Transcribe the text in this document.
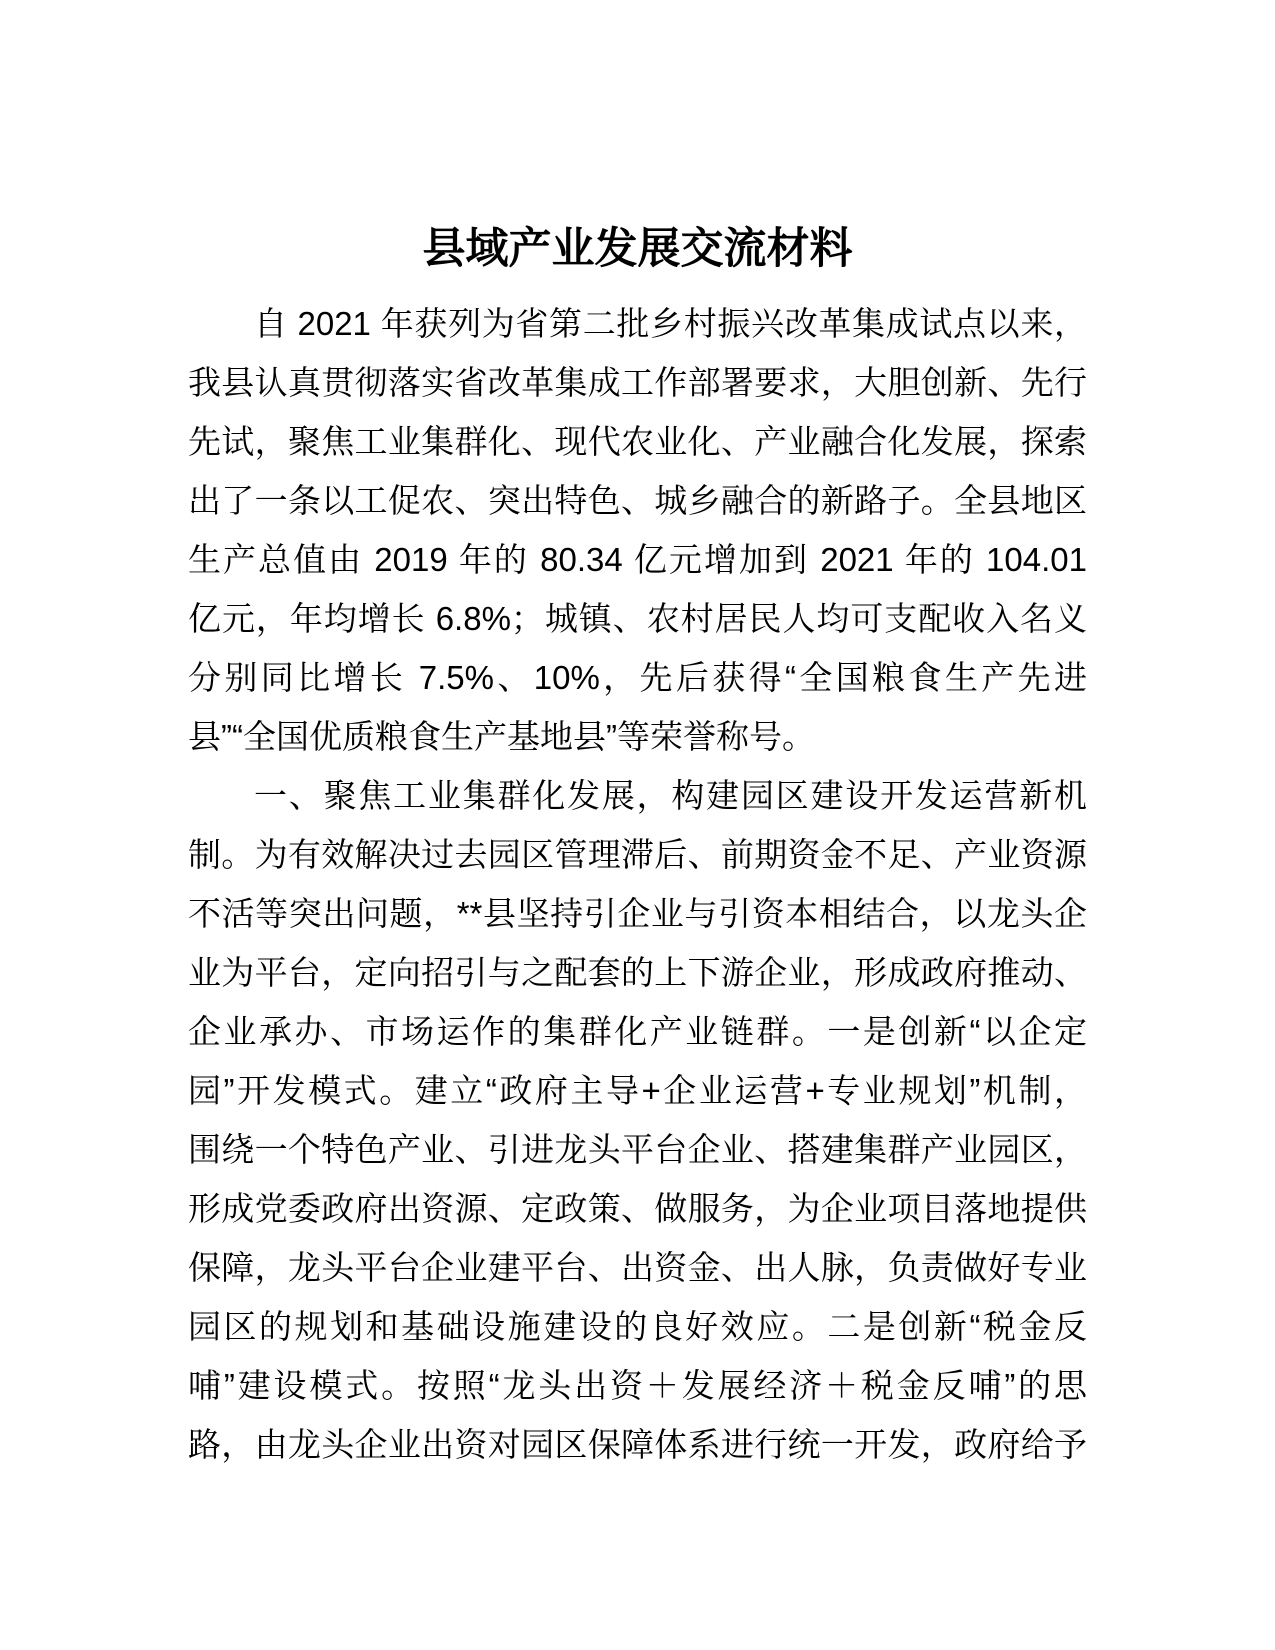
县域产业发展交流材料
自 2021 年获列为省第二批乡村振兴改革集成试点以来，
我县认真贯彻落实省改革集成工作部署要求，大胆创新、先行
先试，聚焦工业集群化、现代农业化、产业融合化发展，探索
出了一条以工促农、突出特色、城乡融合的新路子。全县地区
生产总值由 2019 年的 80.34 亿元增加到 2021 年的 104.01
亿元，年均增长 6.8%；城镇、农村居民人均可支配收入名义
分别同比增长 7.5%、10%，先后获得“全国粮食生产先进
县”“全国优质粮食生产基地县”等荣誉称号。
一、聚焦工业集群化发展，构建园区建设开发运营新机
制。为有效解决过去园区管理滞后、前期资金不足、产业资源
不活等突出问题，**县坚持引企业与引资本相结合，以龙头企
业为平台，定向招引与之配套的上下游企业，形成政府推动、
企业承办、市场运作的集群化产业链群。一是创新“以企定
园”开发模式。建立“政府主导+企业运营+专业规划”机制，
围绕一个特色产业、引进龙头平台企业、搭建集群产业园区，
形成党委政府出资源、定政策、做服务，为企业项目落地提供
保障，龙头平台企业建平台、出资金、出人脉，负责做好专业
园区的规划和基础设施建设的良好效应。二是创新“税金反
哺”建设模式。按照“龙头出资＋发展经济＋税金反哺”的思
路，由龙头企业出资对园区保障体系进行统一开发，政府给予
